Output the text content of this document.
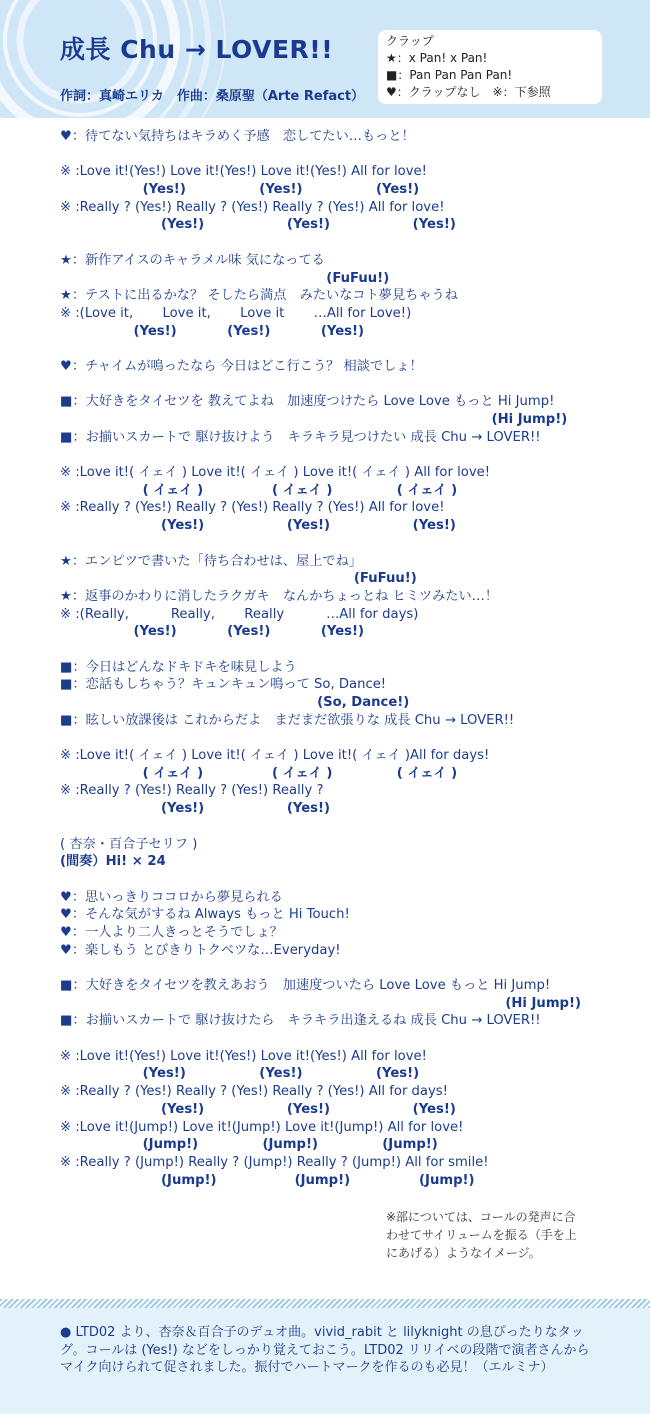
成長 Chu → LOVER!!
作詞：真崎エリカ　作曲：桑原聖（Arte Refact）
クラップ
★：x Pan! x Pan!
■：Pan Pan Pan Pan!
♥：クラップなし　※：下参照
♥：待てない気持ちはキラめく予感　恋してたい…もっと！
※ :Love it!(Yes!) Love it!(Yes!) Love it!(Yes!) All for love!
(Yes!)                (Yes!)                (Yes!)
※ :Really ? (Yes!) Really ? (Yes!) Really ? (Yes!) All for love!
(Yes!)                  (Yes!)                  (Yes!)
★：新作アイスのキャラメル味 気になってる
(FuFuu!)
★：テストに出るかな？ そしたら満点　みたいなコト夢見ちゃうね
※ :(Love it,       Love it,       Love it       …All for Love!)
(Yes!)           (Yes!)           (Yes!)
♥：チャイムが鳴ったなら 今日はどこ行こう？ 相談でしょ！
■：大好きをタイセツを 教えてよね　加速度つけたら Love Love もっと Hi Jump!
(Hi Jump!)
■：お揃いスカートで 駆け抜けよう　キラキラ見つけたい 成長 Chu → LOVER!!
※ :Love it!( イェイ ) Love it!( イェイ ) Love it!( イェイ ) All for love!
( イェイ )               ( イェイ )              ( イェイ )
※ :Really ? (Yes!) Really ? (Yes!) Really ? (Yes!) All for love!
(Yes!)                  (Yes!)                  (Yes!)
★：エンピツで書いた「待ち合わせは、屋上でね」
(FuFuu!)
★：返事のかわりに消したラクガキ　なんかちょっとね ヒミツみたい…！
※ :(Really,          Really,       Really          …All for days)
(Yes!)           (Yes!)           (Yes!)
■：今日はどんなドキドキを味見しよう
■：恋話もしちゃう？キュンキュン鳴って So, Dance!
(So, Dance!)
■：眩しい放課後は これからだよ　まだまだ欲張りな 成長 Chu → LOVER!!
※ :Love it!( イェイ ) Love it!( イェイ ) Love it!( イェイ )All for days!
( イェイ )               ( イェイ )              ( イェイ )
※ :Really ? (Yes!) Really ? (Yes!) Really ?
(Yes!)                  (Yes!)
( 杏奈・百合子セリフ )
(間奏）Hi! × 24
♥：思いっきりココロから夢見られる
♥：そんな気がするね Always もっと Hi Touch!
♥：一人より二人きっとそうでしょ？
♥：楽しもう とびきりトクベツな…Everyday!
■：大好きをタイセツを教えあおう　加速度ついたら Love Love もっと Hi Jump!
(Hi Jump!)
■：お揃いスカートで 駆け抜けたら　キラキラ出逢えるね 成長 Chu → LOVER!!
※ :Love it!(Yes!) Love it!(Yes!) Love it!(Yes!) All for love!
(Yes!)                (Yes!)                (Yes!)
※ :Really ? (Yes!) Really ? (Yes!) Really ? (Yes!) All for days!
(Yes!)                  (Yes!)                  (Yes!)
※ :Love it!(Jump!) Love it!(Jump!) Love it!(Jump!) All for love!
(Jump!)              (Jump!)              (Jump!)
※ :Really ? (Jump!) Really ? (Jump!) Really ? (Jump!) All for smile!
(Jump!)                 (Jump!)               (Jump!)
※部については、コールの発声に合わせてサイリュームを振る（手を上にあげる）ようなイメージ。
● LTD02 より、杏奈＆百合子のデュオ曲。vivid_rabit と lilyknight の息ぴったりなタッグ。コールは (Yes!) などをしっかり覚えておこう。LTD02 リリイベの段階で演者さんからマイク向けられて促されました。振付でハートマークを作るのも必見！（エルミナ）
